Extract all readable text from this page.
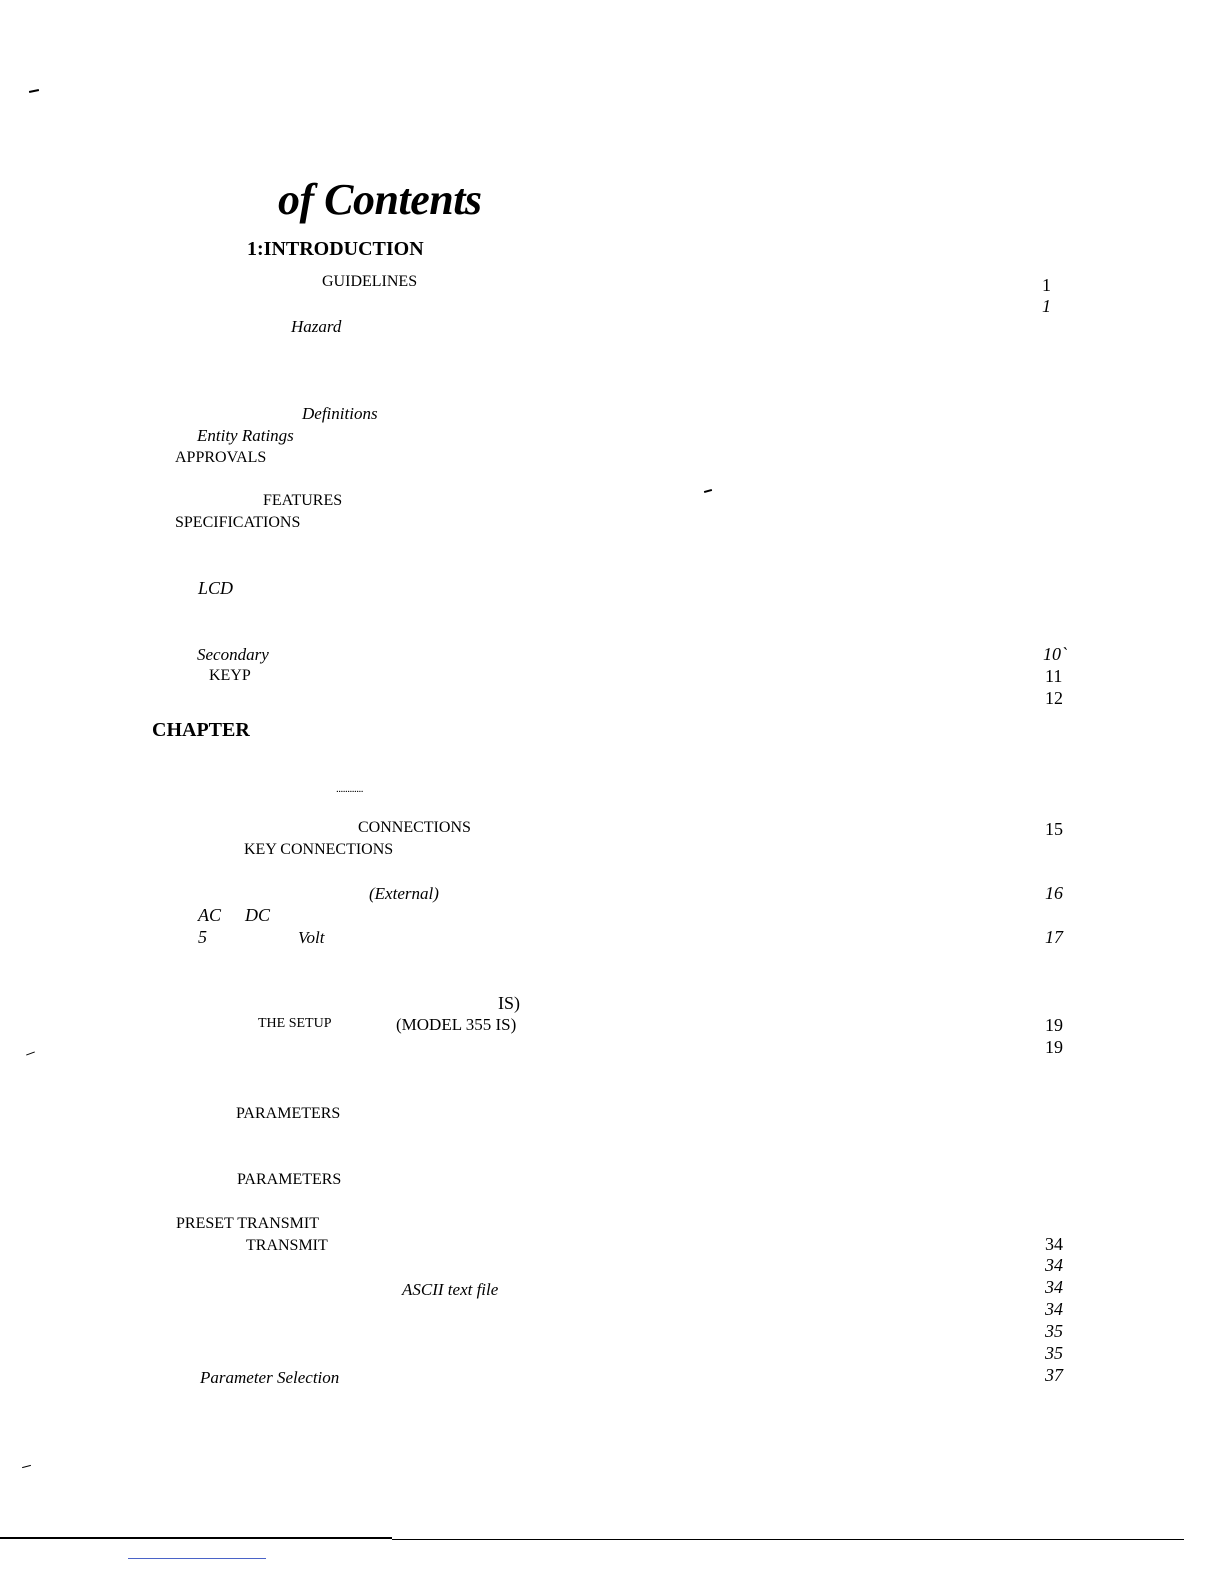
of Contents
1:INTRODUCTION
GUIDELINES
Hazard
Definitions
Entity Ratings
APPROVALS
FEATURES
SPECIFICATIONS
LCD
Secondary
KEYP
CHAPTER
............
CONNECTIONS
KEY CONNECTIONS
(External)
AC DC
5	Volt
IS)
THE SETUP	(MODEL 355 IS)
PARAMETERS
PARAMETERS
PRESET TRANSMIT
TRANSMIT
ASCII text file
Parameter Selection
1
1
10`
11
12
15
16
17
19
19
34
34
34
34
35
35
37
